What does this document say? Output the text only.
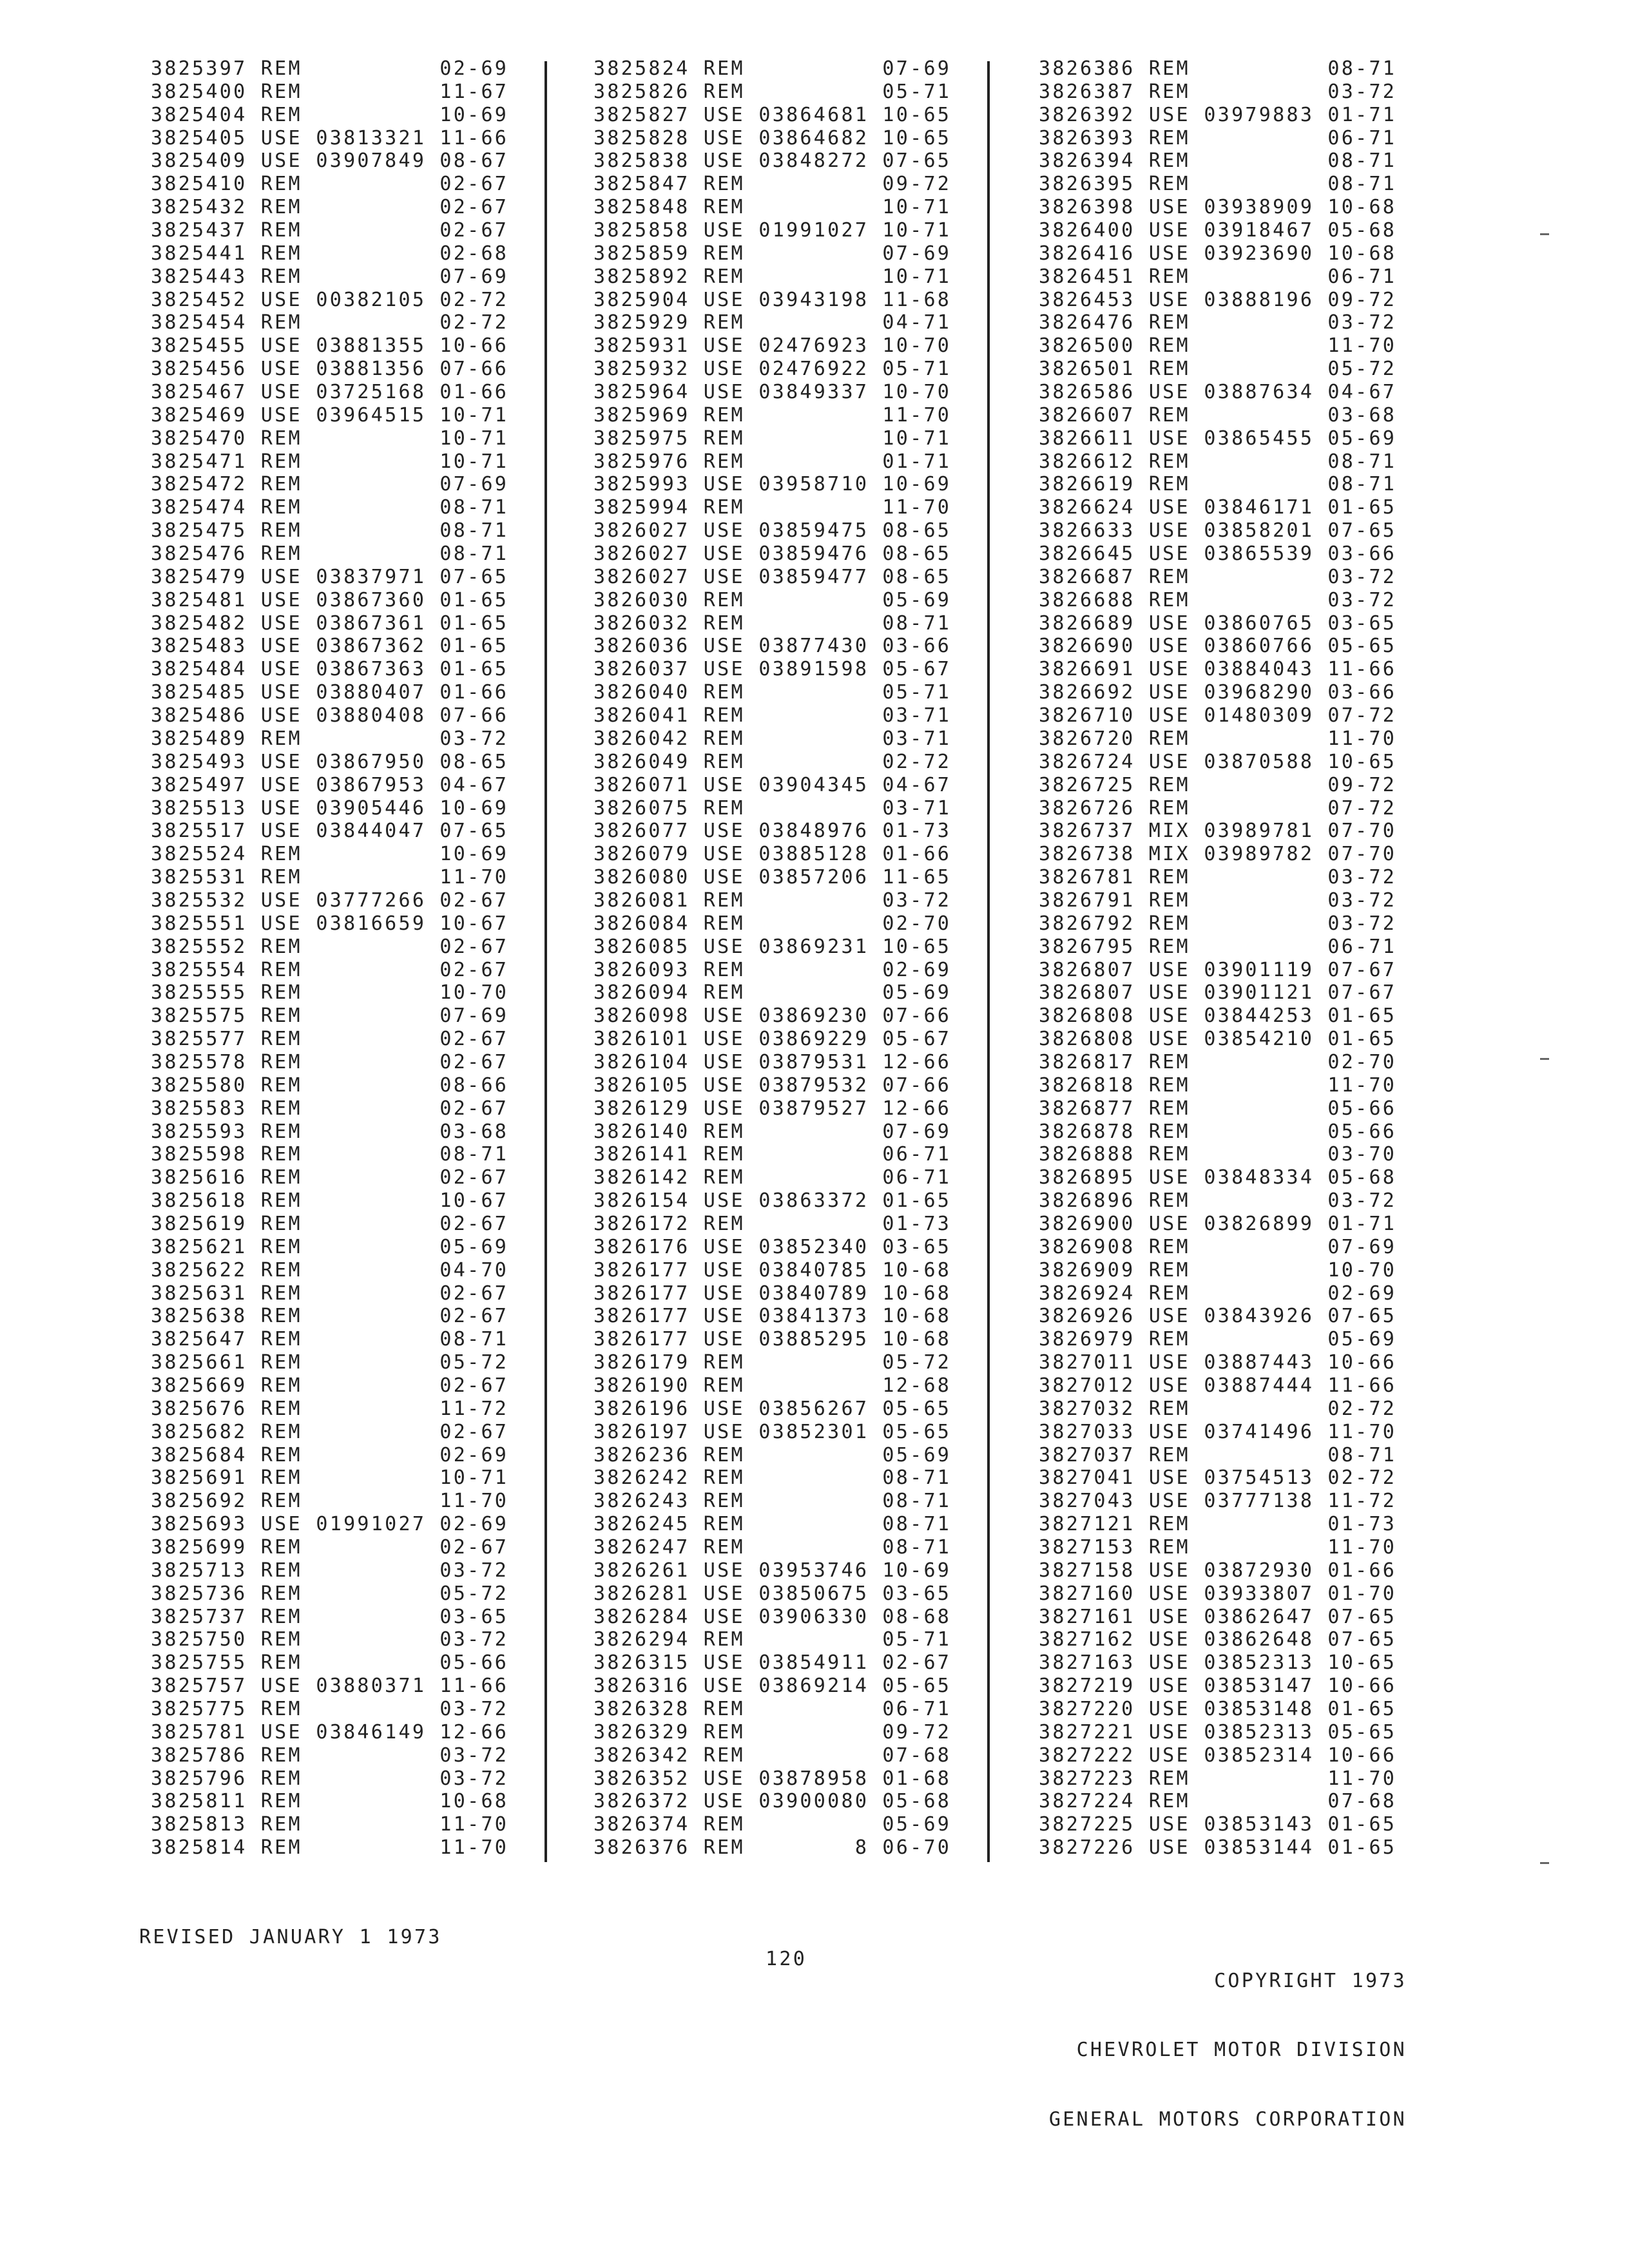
3825397 REM	02-69
3825400 REM	11-67
3825404 REM	10-69
3825405 USE 03813321 11-66
3825409 USE 03907849 08-67
3825410 REM	02-67
3825432 REM	02-67
3825437 REM	02-67
3825441 REM	02-68
3825443 REM	07-69
3825452 USE 00382105 02-72
3825454 REM	02-72
3825455 USE 03881355 10-66
3825456 USE 03881356 07-66
3825467 USE 03725168 01-66
3825469 USE 03964515 10-71
3825470 REM	10-71
3825471 REM	10-71
3825472 REM	07-69
3825474 REM	08-71
3825475 REM	08-71
3825476 REM	08-71
3825479 USE 03837971 07-65
3825481 USE 03867360 01-65
3825482 USE 03867361 01-65
3825483 USE 03867362 01-65
3825484 USE 03867363 01-65
3825485 USE 03880407 01-66
3825486 USE 03880408 07-66
3825489 REM	03-72
3825493 USE 03867950 08-65
3825497 USE 03867953 04-67
3825513 USE 03905446 10-69
3825517 USE 03844047 07-65
3825524 REM	10-69
3825531 REM	11-70
3825532 USE 03777266 02-67
3825551 USE 03816659 10-67
3825552 REM	02-67
3825554 REM	02-67
3825555 REM	10-70
3825575 REM	07-69
3825577 REM	02-67
3825578 REM	02-67
3825580 REM	08-66
3825583 REM	02-67
3825593 REM	03-68
3825598 REM	08-71
3825616 REM	02-67
3825618 REM	10-67
3825619 REM	02-67
3825621 REM	05-69
3825622 REM	04-70
3825631 REM	02-67
3825638 REM	02-67
3825647 REM	08-71
3825661 REM	05-72
3825669 REM	02-67
3825676 REM	11-72
3825682 REM	02-67
3825684 REM	02-69
3825691 REM	10-71
3825692 REM	11-70
3825693 USE 01991027 02-69
3825699 REM	02-67
3825713 REM	03-72
3825736 REM	05-72
3825737 REM	03-65
3825750 REM	03-72
3825755 REM	05-66
3825757 USE 03880371 11-66
3825775 REM	03-72
3825781 USE 03846149 12-66
3825786 REM	03-72
3825796 REM	03-72
3825811 REM	10-68
3825813 REM	11-70
3825814 REM	11-70
3825824 REM	07-69
3825826 REM	05-71
3825827 USE 03864681 10-65
3825828 USE 03864682 10-65
3825838 USE 03848272 07-65
3825847 REM	09-72
3825848 REM	10-71
3825858 USE 01991027 10-71
3825859 REM	07-69
3825892 REM	10-71
3825904 USE 03943198 11-68
3825929 REM	04-71
3825931 USE 02476923 10-70
3825932 USE 02476922 05-71
3825964 USE 03849337 10-70
3825969 REM	11-70
3825975 REM	10-71
3825976 REM	01-71
3825993 USE 03958710 10-69
3825994 REM	11-70
3826027 USE 03859475 08-65
3826027 USE 03859476 08-65
3826027 USE 03859477 08-65
3826030 REM	05-69
3826032 REM	08-71
3826036 USE 03877430 03-66
3826037 USE 03891598 05-67
3826040 REM	05-71
3826041 REM	03-71
3826042 REM	03-71
3826049 REM	02-72
3826071 USE 03904345 04-67
3826075 REM	03-71
3826077 USE 03848976 01-73
3826079 USE 03885128 01-66
3826080 USE 03857206 11-65
3826081 REM	03-72
3826084 REM	02-70
3826085 USE 03869231 10-65
3826093 REM	02-69
3826094 REM	05-69
3826098 USE 03869230 07-66
3826101 USE 03869229 05-67
3826104 USE 03879531 12-66
3826105 USE 03879532 07-66
3826129 USE 03879527 12-66
3826140 REM	07-69
3826141 REM	06-71
3826142 REM	06-71
3826154 USE 03863372 01-65
3826172 REM	01-73
3826176 USE 03852340 03-65
3826177 USE 03840785 10-68
3826177 USE 03840789 10-68
3826177 USE 03841373 10-68
3826177 USE 03885295 10-68
3826179 REM	05-72
3826190 REM	12-68
3826196 USE 03856267 05-65
3826197 USE 03852301 05-65
3826236 REM	05-69
3826242 REM	08-71
3826243 REM	08-71
3826245 REM	08-71
3826247 REM	08-71
3826261 USE 03953746 10-69
3826281 USE 03850675 03-65
3826284 USE 03906330 08-68
3826294 REM	05-71
3826315 USE 03854911 02-67
3826316 USE 03869214 05-65
3826328 REM	06-71
3826329 REM	09-72
3826342 REM	07-68
3826352 USE 03878958 01-68
3826372 USE 03900080 05-68
3826374 REM	05-69
3826376 REM	8 06-70
3826386 REM	08-71
3826387 REM	03-72
3826392 USE 03979883 01-71
3826393 REM	06-71
3826394 REM	08-71
3826395 REM	08-71
3826398 USE 03938909 10-68
3826400 USE 03918467 05-68
3826416 USE 03923690 10-68
3826451 REM	06-71
3826453 USE 03888196 09-72
3826476 REM	03-72
3826500 REM	11-70
3826501 REM	05-72
3826586 USE 03887634 04-67
3826607 REM	03-68
3826611 USE 03865455 05-69
3826612 REM	08-71
3826619 REM	08-71
3826624 USE 03846171 01-65
3826633 USE 03858201 07-65
3826645 USE 03865539 03-66
3826687 REM	03-72
3826688 REM	03-72
3826689 USE 03860765 03-65
3826690 USE 03860766 05-65
3826691 USE 03884043 11-66
3826692 USE 03968290 03-66
3826710 USE 01480309 07-72
3826720 REM	11-70
3826724 USE 03870588 10-65
3826725 REM	09-72
3826726 REM	07-72
3826737 MIX 03989781 07-70
3826738 MIX 03989782 07-70
3826781 REM	03-72
3826791 REM	03-72
3826792 REM	03-72
3826795 REM	06-71
3826807 USE 03901119 07-67
3826807 USE 03901121 07-67
3826808 USE 03844253 01-65
3826808 USE 03854210 01-65
3826817 REM	02-70
3826818 REM	11-70
3826877 REM	05-66
3826878 REM	05-66
3826888 REM	03-70
3826895 USE 03848334 05-68
3826896 REM	03-72
3826900 USE 03826899 01-71
3826908 REM	07-69
3826909 REM	10-70
3826924 REM	02-69
3826926 USE 03843926 07-65
3826979 REM	05-69
3827011 USE 03887443 10-66
3827012 USE 03887444 11-66
3827032 REM	02-72
3827033 USE 03741496 11-70
3827037 REM	08-71
3827041 USE 03754513 02-72
3827043 USE 03777138 11-72
3827121 REM	01-73
3827153 REM	11-70
3827158 USE 03872930 01-66
3827160 USE 03933807 01-70
3827161 USE 03862647 07-65
3827162 USE 03862648 07-65
3827163 USE 03852313 10-65
3827219 USE 03853147 10-66
3827220 USE 03853148 01-65
3827221 USE 03852313 05-65
3827222 USE 03852314 10-66
3827223 REM	11-70
3827224 REM	07-68
3827225 USE 03853143 01-65
3827226 USE 03853144 01-65
REVISED JANUARY 1 1973
120

COPYRIGHT 1973

CHEVROLET MOTOR DIVISION

GENERAL MOTORS CORPORATION
